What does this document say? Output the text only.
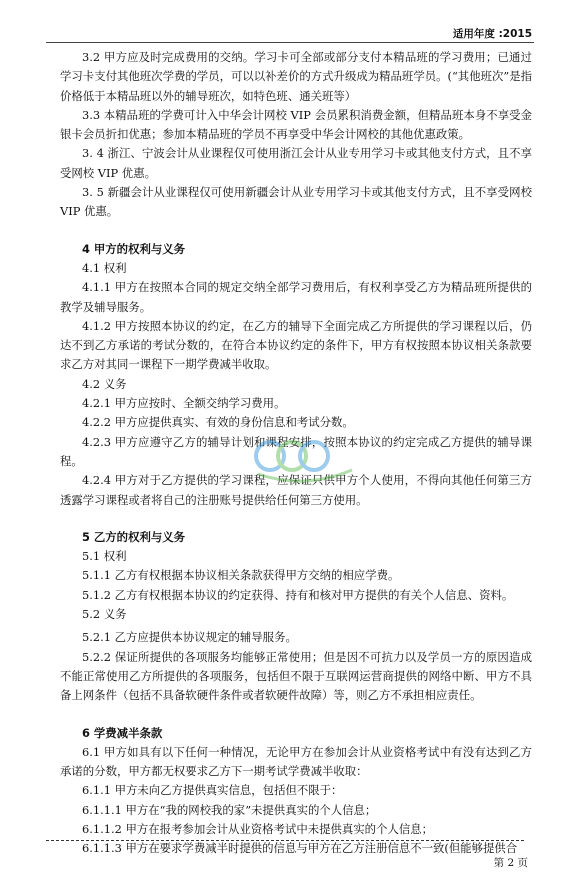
适用年度 :2015

3.2 甲方应及时完成费用的交纳。学习卡可全部或部分支付本精品班的学习费用；已通过学习卡支付其他班次学费的学员，可以以补差价的方式升级成为精品班学员。(“其他班次”是指价格低于本精品班以外的辅导班次，如特色班、通关班等）

3.3 本精品班的学费可计入中华会计网校 VIP 会员累积消费金额，但精品班本身不享受金银卡会员折扣优惠；参加本精品班的学员不再享受中华会计网校的其他优惠政策。

3. 4 浙江、宁波会计从业课程仅可使用浙江会计从业专用学习卡或其他支付方式，且不享受网校 VIP 优惠。

3. 5 新疆会计从业课程仅可使用新疆会计从业专用学习卡或其他支付方式，且不享受网校 VIP 优惠。

4 甲方的权利与义务

4.1 权利

4.1.1 甲方在按照本合同的规定交纳全部学习费用后，有权利享受乙方为精品班所提供的教学及辅导服务。

4.1.2 甲方按照本协议的约定，在乙方的辅导下全面完成乙方所提供的学习课程以后，仍达不到乙方承诺的考试分数的，在符合本协议约定的条件下，甲方有权按照本协议相关条款要求乙方对其同一课程下一期学费减半收取。

4.2 义务

4.2.1 甲方应按时、全额交纳学习费用。

4.2.2 甲方应提供真实、有效的身份信息和考试分数。

4.2.3 甲方应遵守乙方的辅导计划和课程安排，按照本协议的约定完成乙方提供的辅导课程。

4.2.4 甲方对于乙方提供的学习课程，应保证只供甲方个人使用，不得向其他任何第三方透露学习课程或者将自己的注册账号提供给任何第三方使用。

5 乙方的权利与义务

5.1 权利

5.1.1 乙方有权根据本协议相关条款获得甲方交纳的相应学费。

5.1.2 乙方有权根据本协议的约定获得、持有和核对甲方提供的有关个人信息、资料。

5.2 义务

5.2.1 乙方应提供本协议规定的辅导服务。

5.2.2 保证所提供的各项服务均能够正常使用；但是因不可抗力以及学员一方的原因造成不能正常使用乙方所提供的各项服务，包括但不限于互联网运营商提供的网络中断、甲方不具备上网条件（包括不具备软硬件条件或者软硬件故障）等，则乙方不承担相应责任。

6 学费减半条款

6.1 甲方如具有以下任何一种情况，无论甲方在参加会计从业资格考试中有没有达到乙方承诺的分数，甲方都无权要求乙方下一期考试学费减半收取：

6.1.1 甲方未向乙方提供真实信息，包括但不限于：

6.1.1.1 甲方在“我的网校我的家”未提供真实的个人信息；

6.1.1.2 甲方在报考参加会计从业资格考试中未提供真实的个人信息；

6.1.1.3 甲方在要求学费减半时提供的信息与甲方在乙方注册信息不一致(但能够提供合

第 2 页
